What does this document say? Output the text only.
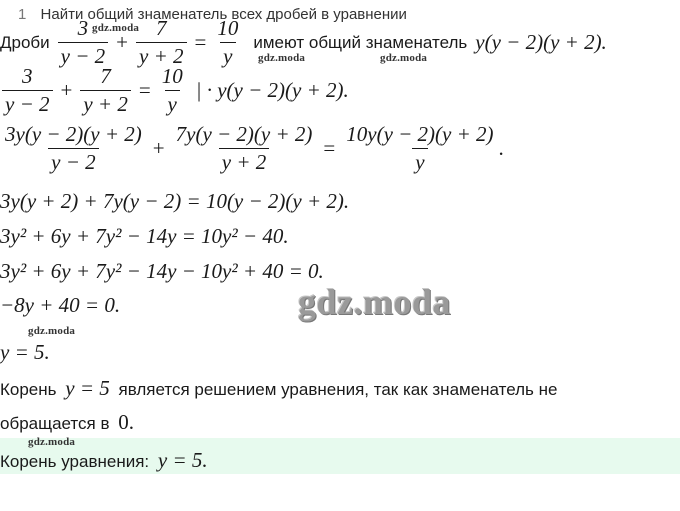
1 Найти общий знаменатель всех дробей в уравнении
Дроби $\frac{3}{y - 2} + \frac{7}{y + 2} = \frac{10}{y}$ имеют общий знаменатель y(y − 2)(y + 2).
$\frac{3}{y - 2} + \frac{7}{y + 2} = \frac{10}{y}$ | · y(y − 2)(y + 2).
$\frac{3y(y - 2)(y + 2)}{y - 2} + \frac{7y(y - 2)(y + 2)}{y + 2} = \frac{10y(y - 2)(y + 2)}{y}$ .
3y(y + 2) + 7y(y − 2) = 10(y − 2)(y + 2).
3y² + 6y + 7y² − 14y = 10y² − 40.
3y² + 6y + 7y² − 14y − 10y² + 40 = 0.
−8y + 40 = 0.
y = 5.
Корень y = 5 является решением уравнения, так как знаменатель не
обращается в 0.
Корень уравнения: y = 5.
gdz.moda
gdz.moda	gdz.moda
gdz.moda
gdz.moda
gdz.moda
